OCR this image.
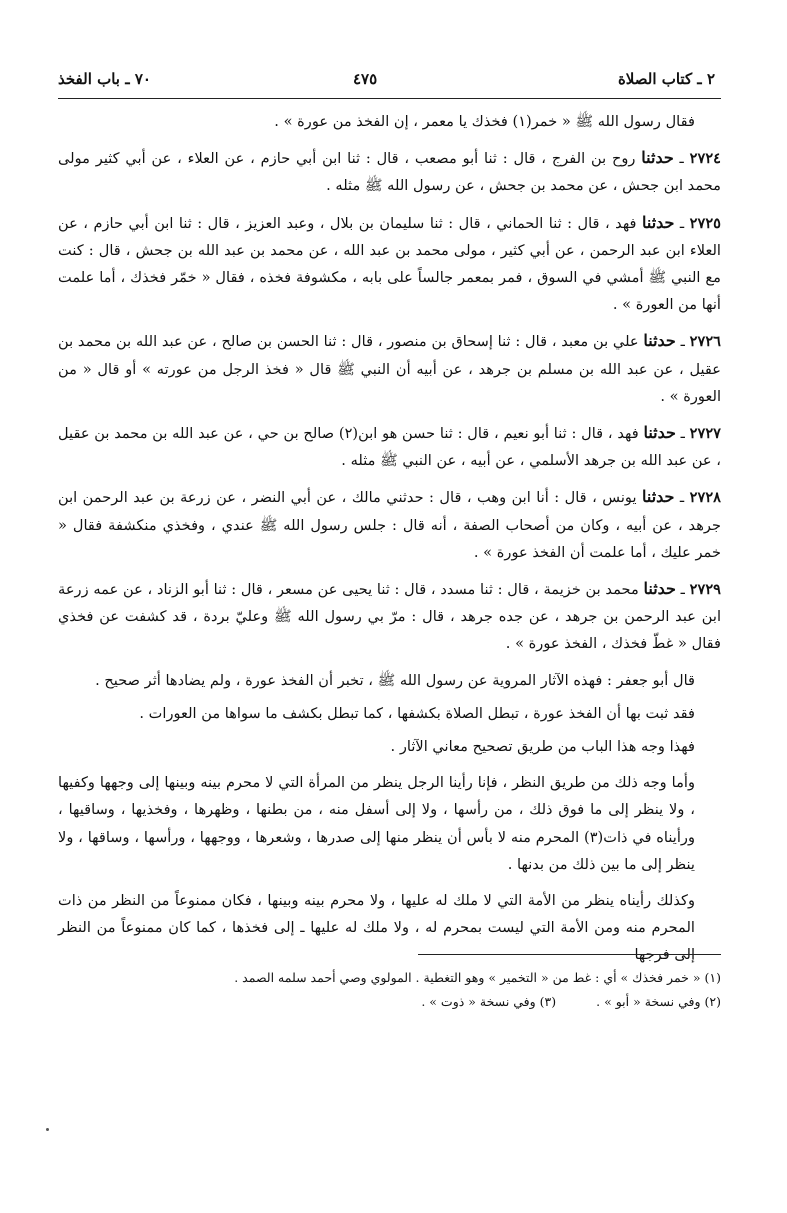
٢ ـ كتاب الصلاة
٤٧٥
٧٠ ـ باب الفخذ

فقال رسول الله ﷺ « خمر(١) فخذك يا معمر ، إن الفخذ من عورة » .

٢٧٢٤ ـ حدثنا روح بن الفرج ، قال : ثنا أبو مصعب ، قال : ثنا ابن أبي حازم ، عن العلاء ، عن أبي كثير مولى محمد ابن جحش ، عن محمد بن جحش ، عن رسول الله ﷺ مثله .

٢٧٢٥ ـ حدثنا فهد ، قال : ثنا الحماني ، قال : ثنا سليمان بن بلال ، وعبد العزيز ، قال : ثنا ابن أبي حازم ، عن العلاء ابن عبد الرحمن ، عن أبي كثير ، مولى محمد بن عبد الله ، عن محمد بن عبد الله بن جحش ، قال : كنت مع النبي ﷺ أمشي في السوق ، فمر بمعمر جالساً على بابه ، مكشوفة فخذه ، فقال « خمّر فخذك ، أما علمت أنها من العورة » .

٢٧٢٦ ـ حدثنا علي بن معبد ، قال : ثنا إسحاق بن منصور ، قال : ثنا الحسن بن صالح ، عن عبد الله بن محمد بن عقيل ، عن عبد الله بن مسلم بن جرهد ، عن أبيه أن النبي ﷺ قال « فخذ الرجل من عورته » أو قال « من العورة » .

٢٧٢٧ ـ حدثنا فهد ، قال : ثنا أبو نعيم ، قال : ثنا حسن هو ابن(٢) صالح بن حي ، عن عبد الله بن محمد بن عقيل ، عن عبد الله بن جرهد الأسلمي ، عن أبيه ، عن النبي ﷺ مثله .

٢٧٢٨ ـ حدثنا يونس ، قال : أنا ابن وهب ، قال : حدثني مالك ، عن أبي النضر ، عن زرعة بن عبد الرحمن ابن جرهد ، عن أبيه ، وكان من أصحاب الصفة ، أنه قال : جلس رسول الله ﷺ عندي ، وفخذي منكشفة فقال « خمر عليك ، أما علمت أن الفخذ عورة » .

٢٧٢٩ ـ حدثنا محمد بن خزيمة ، قال : ثنا مسدد ، قال : ثنا يحيى عن مسعر ، قال : ثنا أبو الزناد ، عن عمه زرعة ابن عبد الرحمن بن جرهد ، عن جده جرهد ، قال : مرّ بي رسول الله ﷺ وعليّ بردة ، قد كشفت عن فخذي فقال « غطّ فخذك ، الفخذ عورة » .

قال أبو جعفر : فهذه الآثار المروية عن رسول الله ﷺ ، تخبر أن الفخذ عورة ، ولم يضادها أثر صحيح .

فقد ثبت بها أن الفخذ عورة ، تبطل الصلاة بكشفها ، كما تبطل بكشف ما سواها من العورات .

فهذا وجه هذا الباب من طريق تصحيح معاني الآثار .

وأما وجه ذلك من طريق النظر ، فإنا رأينا الرجل ينظر من المرأة التي لا محرم بينه وبينها إلى وجهها وكفيها ، ولا ينظر إلى ما فوق ذلك ، من رأسها ، ولا إلى أسفل منه ، من بطنها ، وظهرها ، وفخذيها ، وساقيها ، ورأيناه في ذات(٣) المحرم منه لا بأس أن ينظر منها إلى صدرها ، وشعرها ، ووجهها ، ورأسها ، وساقها ، ولا ينظر إلى ما بين ذلك من بدنها .

وكذلك رأيناه ينظر من الأمة التي لا ملك له عليها ، ولا محرم بينه وبينها ، فكان ممنوعاً من النظر من ذات المحرم منه ومن الأمة التي ليست بمحرم له ، ولا ملك له عليها ـ إلى فخذها ، كما كان ممنوعاً من النظر إلى فرجها

(١) « خمر فخذك » أي : غط من « التخمير » وهو التغطية . المولوي وصي أحمد سلمه الصمد .
(٢) وفي نسخة « أبو » .
(٣) وفي نسخة « ذوت » .
